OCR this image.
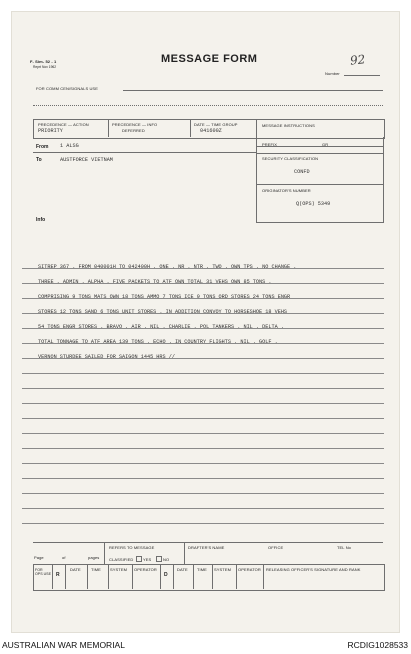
F- Sim- 52 - 1
Reprt Nov 1962
MESSAGE FORM
Number
92
FOR COMM CEN/SIGNALS USE
PRECEDENCE — ACTION
PRIORITY
PRECEDENCE — INFO
DEFERRED
DATE — TIME GROUP
041600Z
MESSAGE INSTRUCTIONS
PREFIX	GR
SECURITY CLASSIFICATION
CONFD
ORIGINATOR'S NUMBER
Q(OPS) 5349
From 1 ALSG
To	AUSTFORCE VIETNAM
Info
SITREP 367 . FROM 040001H TO 042400H . ONE . NR . NTR . TWO . OWN TPS . NO CHANGE .
THREE . ADMIN . ALPHA . FIVE PACKETS TO ATF OWN TOTAL 31 VEHS OWN 85 TONS .
COMPRISING 9 TONS MATS OWN 18 TONS AMMO 7 TONS ICE 9 TONS ORD STORES 24 TONS ENGR
STORES 12 TONS SAND 6 TONS UNIT STORES . IN ADDITION CONVOY TO HORSESHOE 18 VEHS
54 TONS ENGR STORES . BRAVO . AIR . NIL . CHARLIE . POL TANKERS . NIL . DELTA .
TOTAL TONNAGE TO ATF AREA 139 TONS . ECHO . IN COUNTRY FLIGHTS . NIL . GOLF .
VERNON STURDEE SAILED FOR SAIGON 1445 HRS //
Page	of	pages
REFERS TO MESSAGE
CLASSIFIED YES	NO
DRAFTER'S NAME	OFFICE	TEL No
FOR OPS USE R
DATE	TIME SYSTEM OPERATOR
D
DATE TIME SYSTEM OPERATOR RELEASING OFFICER'S SIGNATURE AND RANK
AUSTRALIAN WAR MEMORIAL	RCDIG1028533
